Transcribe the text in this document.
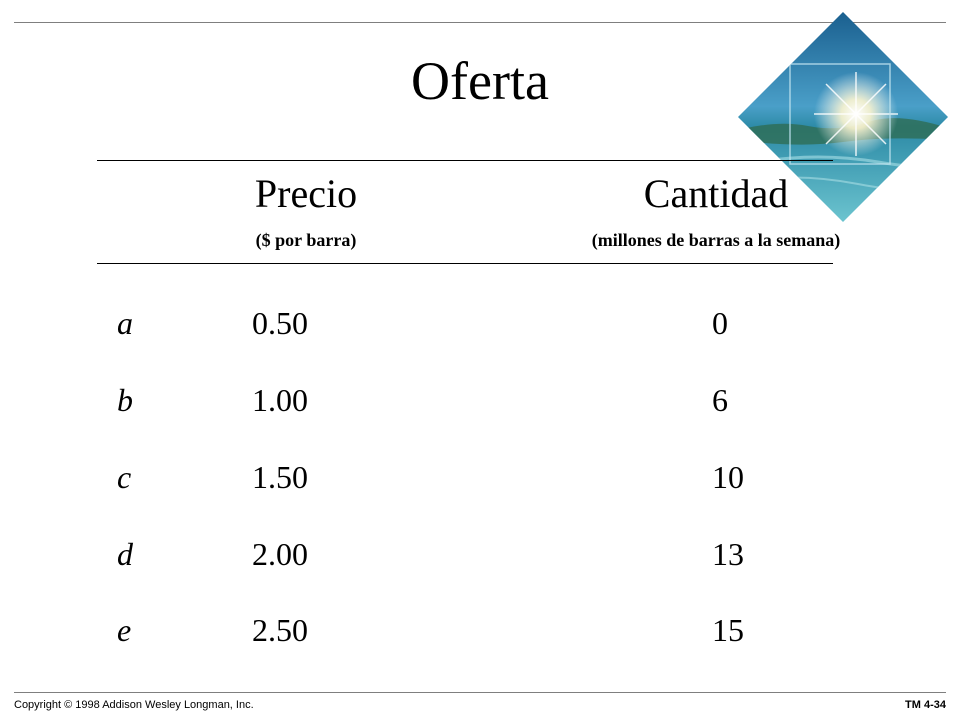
Oferta
Precio	Cantidad
($ por barra)	(millones de barras a la semana)
a	0.50	0
b	1.00	6
c	1.50	10
d	2.00	13
e	2.50	15
Copyright © 1998 Addison Wesley Longman, Inc.	TM 4-34
